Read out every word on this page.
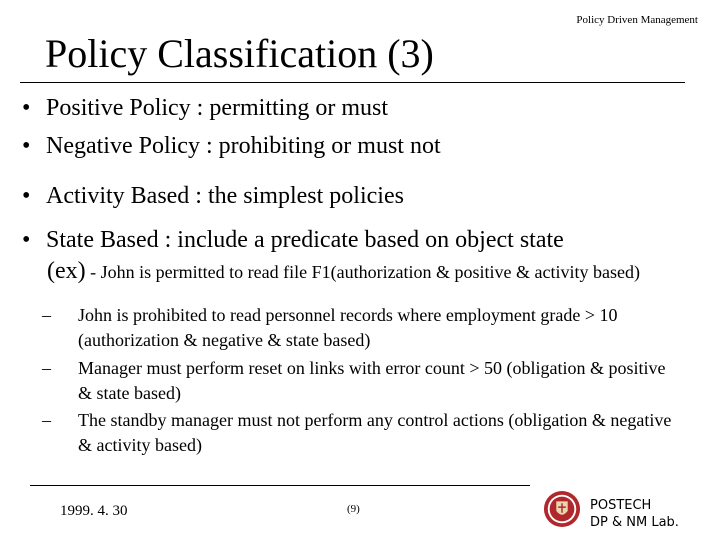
Policy Driven Management
Policy Classification (3)
• Positive Policy : permitting or must
• Negative Policy : prohibiting or must not
• Activity Based : the simplest policies
• State Based : include a predicate based on object state
(ex) - John is permitted to read file F1(authorization & positive & activity based)
– John is prohibited to read personnel records where employment grade > 10 (authorization & negative & state based)
– Manager must perform reset on links with error count > 50 (obligation & positive & state based)
– The standby manager must not perform any control actions (obligation & negative & activity based)
1999. 4. 30	(9)	POSTECH
DP & NM Lab.
